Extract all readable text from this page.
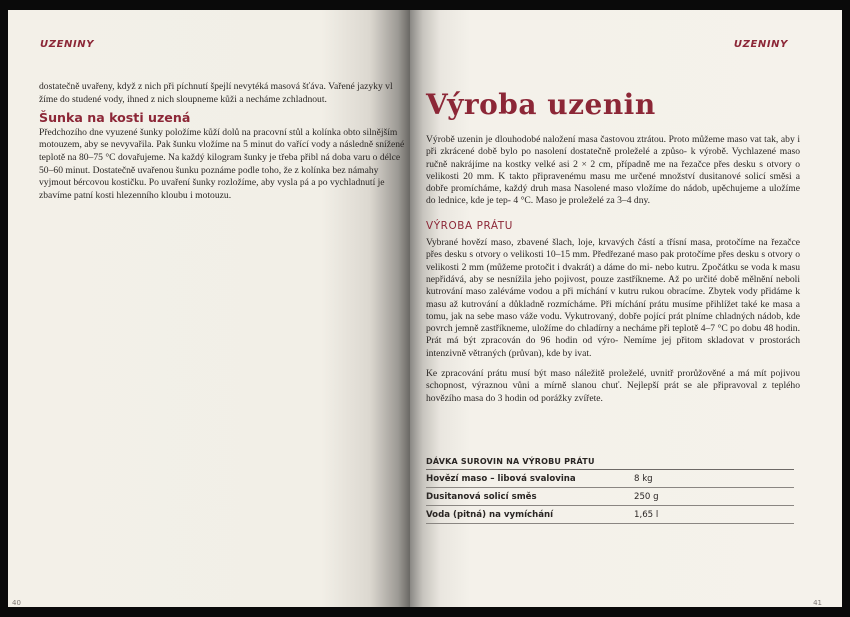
UZENINY

dostatečně uvařeny, když z nich při píchnutí špejlí nevytéká masová šťáva. Vařené jazyky vl žíme do studené vody, ihned z nich sloupneme kůži a necháme zchladnout.

Šunka na kosti uzená

Předchozího dne vyuzené šunky položíme kůží dolů na pracovní stůl a kolínka obto silnějším motouzem, aby se nevyvařila. Pak šunku vložíme na 5 minut do vařící vody a následně snížené teplotě na 80–75 °C dovařujeme. Na každý kilogram šunky je třeba přibl ná doba varu o délce 50–60 minut. Dostatečně uvařenou šunku poznáme podle toho, že z kolínka bez námahy vyjmout bércovou kostičku. Po uvaření šunky rozložíme, aby vysla pá a po vychladnutí je zbavíme patní kosti hlezenního kloubu i motouzu.

40
UZENINY
Výroba uzenin

Výrobě uzenin je dlouhodobé naložení masa častovou ztrátou. Proto můžeme maso vat tak, aby i při zkrácené době bylo po nasolení dostatečně proleželé a způso- k výrobě. Vychlazené maso ručně nakrájíme na kostky velké asi 2 × 2 cm, případně me na řezačce přes desku s otvory o velikosti 20 mm. K takto připravenému masu me určené množství dusitanové solicí směsi a dobře promícháme, každý druh masa Nasolené maso vložíme do nádob, upěchujeme a uložíme do lednice, kde je tep- 4 °C. Maso je proleželé za 3–4 dny.

VÝROBA PRÁTU

Vybrané hovězí maso, zbavené šlach, loje, krvavých částí a třísní masa, protočíme na řezačce přes desku s otvory o velikosti 10–15 mm. Předřezané maso pak protočíme přes desku s otvory o velikosti 2 mm (můžeme protočit i dvakrát) a dáme do mi- nebo kutru. Zpočátku se voda k masu nepřidává, aby se nesnížila jeho pojivost, pouze zastříkneme. Až po určité době mělnění neboli kutrování maso zaléváme vodou a při míchání v kutru rukou obracíme. Zbytek vody přidáme k masu až kutrování a důkladně rozmícháme. Při míchání prátu musíme přihlížet také ke masa a tomu, jak na sebe maso váže vodu. Vykutrovaný, dobře pojící prát plníme chladných nádob, kde povrch jemně zastříkneme, uložíme do chladírny a necháme při teplotě 4–7 °C po dobu 48 hodin. Prát má být zpracován do 96 hodin od výro- Nemíme jej přitom skladovat v prostorách intenzivně větraných (průvan), kde by ivat.

Ke zpracování prátu musí být maso náležitě proleželé, uvnitř prorůžověné a má mít pojivou schopnost, výraznou vůni a mírně slanou chuť. Nejlepší prát se ale připravoval z teplého hovězího masa do 3 hodin od porážky zvířete.

DÁVKA SUROVIN NA VÝROBU PRÁTU
Hovězí maso – libová svalovina	8 kg
Dusitanová solicí směs	250 g
Voda (pitná) na vymíchání	1,65 l
41
